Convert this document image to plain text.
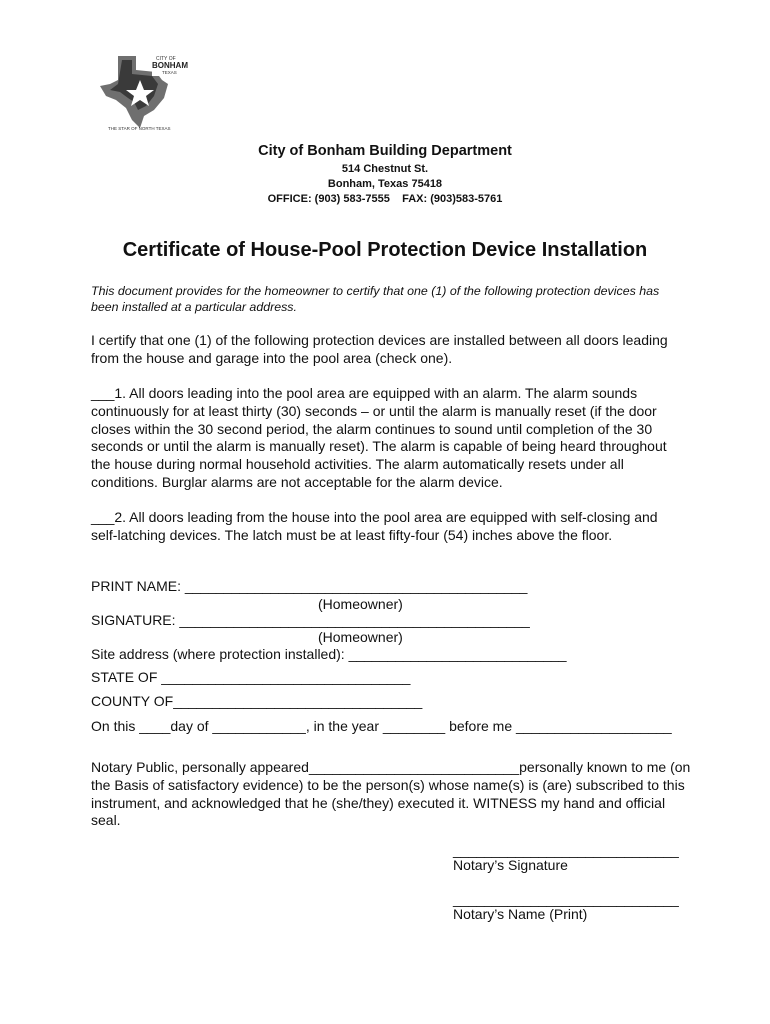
CITY OF
BONHAM
TEXAS
THE STAR OF NORTH TEXAS
City of Bonham Building Department
514 Chestnut St.
Bonham, Texas 75418
OFFICE: (903) 583-7555    FAX: (903)583-5761
Certificate of House-Pool Protection Device Installation
This document provides for the homeowner to certify that one (1) of the following protection devices has been installed at a particular address.
I certify that one (1) of the following protection devices are installed between all doors leading from the house and garage into the pool area (check one).
___1. All doors leading into the pool area are equipped with an alarm. The alarm sounds continuously for at least thirty (30) seconds – or until the alarm is manually reset (if the door closes within the 30 second period, the alarm continues to sound until completion of the 30 seconds or until the alarm is manually reset). The alarm is capable of being heard throughout the house during normal household activities. The alarm automatically resets under all conditions. Burglar alarms are not acceptable for the alarm device.
___2. All doors leading from the house into the pool area are equipped with self-closing and self-latching devices. The latch must be at least fifty-four (54) inches above the floor.
PRINT NAME: ____________________________________________
(Homeowner)
SIGNATURE: _____________________________________________
(Homeowner)
Site address (where protection installed): ____________________________
STATE OF ________________________________
COUNTY OF________________________________
On this ____day of ____________, in the year ________ before me ____________________
Notary Public, personally appeared___________________________personally known to me (on the Basis of satisfactory evidence) to be the person(s) whose name(s) is (are) subscribed to this instrument, and acknowledged that he (she/they) executed it. WITNESS my hand and official seal.
_____________________________
Notary’s Signature
_____________________________
Notary’s Name (Print)
